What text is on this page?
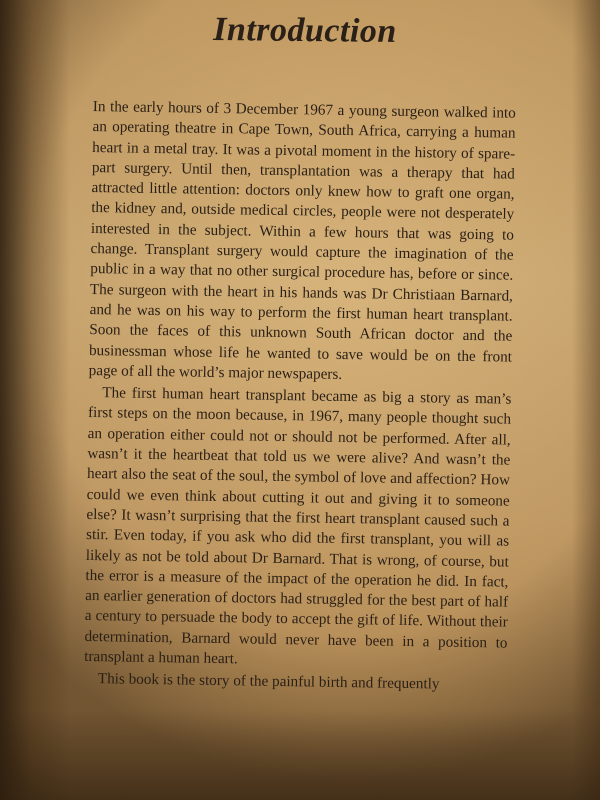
Introduction

In the early hours of 3 December 1967 a young surgeon walked into an operating theatre in Cape Town, South Africa, carrying a human heart in a metal tray. It was a pivotal moment in the history of spare-part surgery. Until then, transplantation was a therapy that had attracted little attention: doctors only knew how to graft one organ, the kidney and, outside medical circles, people were not desperately interested in the subject. Within a few hours that was going to change. Transplant surgery would capture the imagination of the public in a way that no other surgical procedure has, before or since. The surgeon with the heart in his hands was Dr Christiaan Barnard, and he was on his way to perform the first human heart transplant. Soon the faces of this unknown South African doctor and the businessman whose life he wanted to save would be on the front page of all the world’s major newspapers.

The first human heart transplant became as big a story as man’s first steps on the moon because, in 1967, many people thought such an operation either could not or should not be performed. After all, wasn’t it the heartbeat that told us we were alive? And wasn’t the heart also the seat of the soul, the symbol of love and affection? How could we even think about cutting it out and giving it to someone else? It wasn’t surprising that the first heart transplant caused such a stir. Even today, if you ask who did the first transplant, you will as likely as not be told about Dr Barnard. That is wrong, of course, but the error is a measure of the impact of the operation he did. In fact, an earlier generation of doctors had struggled for the best part of half a century to persuade the body to accept the gift of life. Without their determination, Barnard would never have been in a position to transplant a human heart.

This book is the story of the painful birth and frequently
